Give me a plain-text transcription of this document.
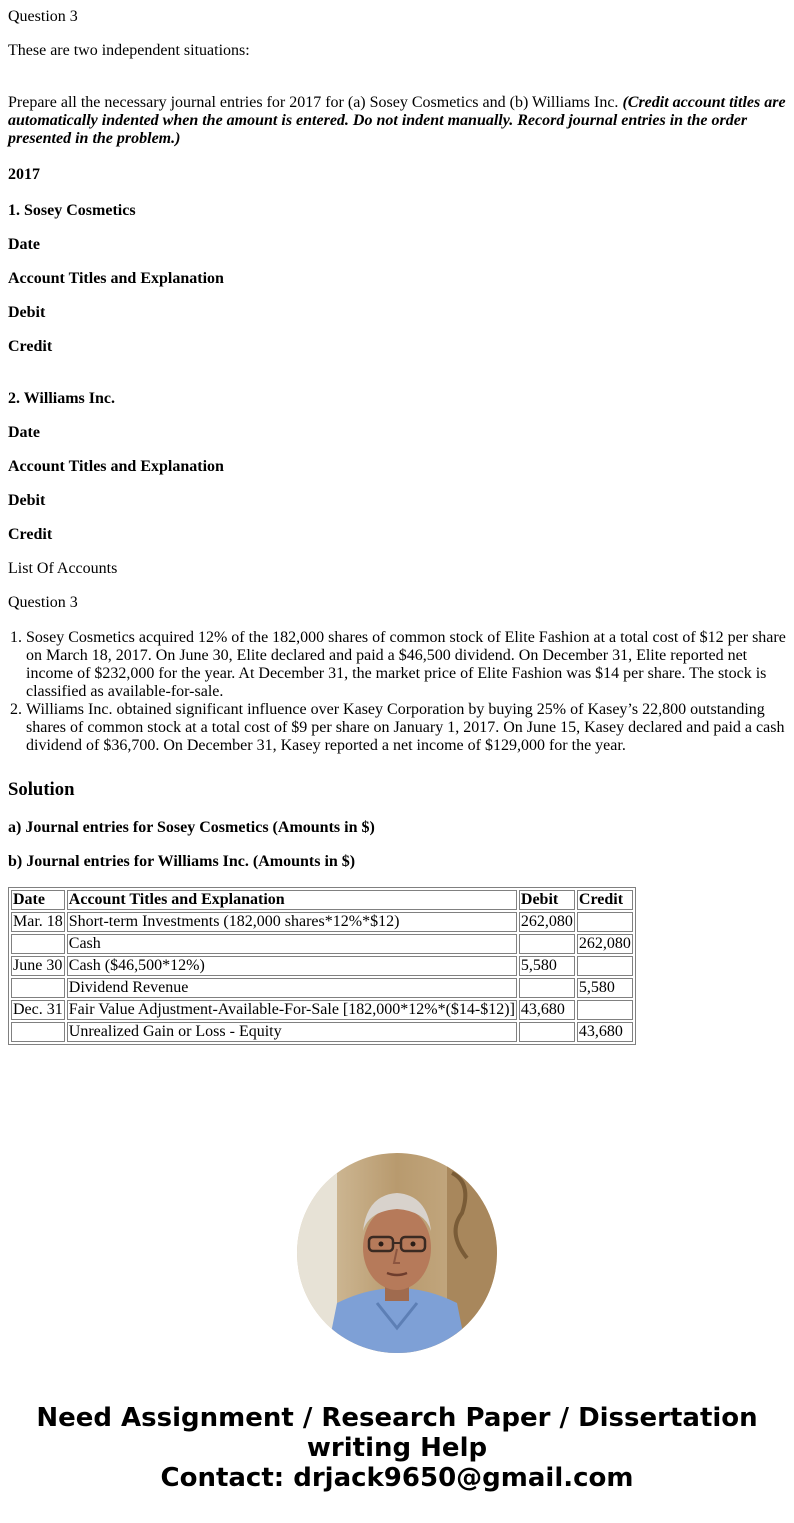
Question 3

These are two independent situations:

Prepare all the necessary journal entries for 2017 for (a) Sosey Cosmetics and (b) Williams Inc. (Credit account titles are automatically indented when the amount is entered. Do not indent manually. Record journal entries in the order presented in the problem.)

2017

1. Sosey Cosmetics

Date

Account Titles and Explanation

Debit

Credit

2. Williams Inc.

Date

Account Titles and Explanation

Debit

Credit

List Of Accounts

Question 3

1. Sosey Cosmetics acquired 12% of the 182,000 shares of common stock of Elite Fashion at a total cost of $12 per share on March 18, 2017. On June 30, Elite declared and paid a $46,500 dividend. On December 31, Elite reported net income of $232,000 for the year. At December 31, the market price of Elite Fashion was $14 per share. The stock is classified as available-for-sale.
2. Williams Inc. obtained significant influence over Kasey Corporation by buying 25% of Kasey’s 22,800 outstanding shares of common stock at a total cost of $9 per share on January 1, 2017. On June 15, Kasey declared and paid a cash dividend of $36,700. On December 31, Kasey reported a net income of $129,000 for the year.
Solution

a) Journal entries for Sosey Cosmetics (Amounts in $)

b) Journal entries for Williams Inc. (Amounts in $)

Date	Account Titles and Explanation	Debit	Credit
Mar. 18	Short-term Investments (182,000 shares*12%*$12)	262,080	
	Cash		262,080
June 30	Cash ($46,500*12%)	5,580	
	Dividend Revenue		5,580
Dec. 31	Fair Value Adjustment-Available-For-Sale [182,000*12%*($14-$12)]	43,680	
	Unrealized Gain or Loss - Equity		43,680
Need Assignment / Research Paper / Dissertation
writing Help
Contact: drjack9650@gmail.com
